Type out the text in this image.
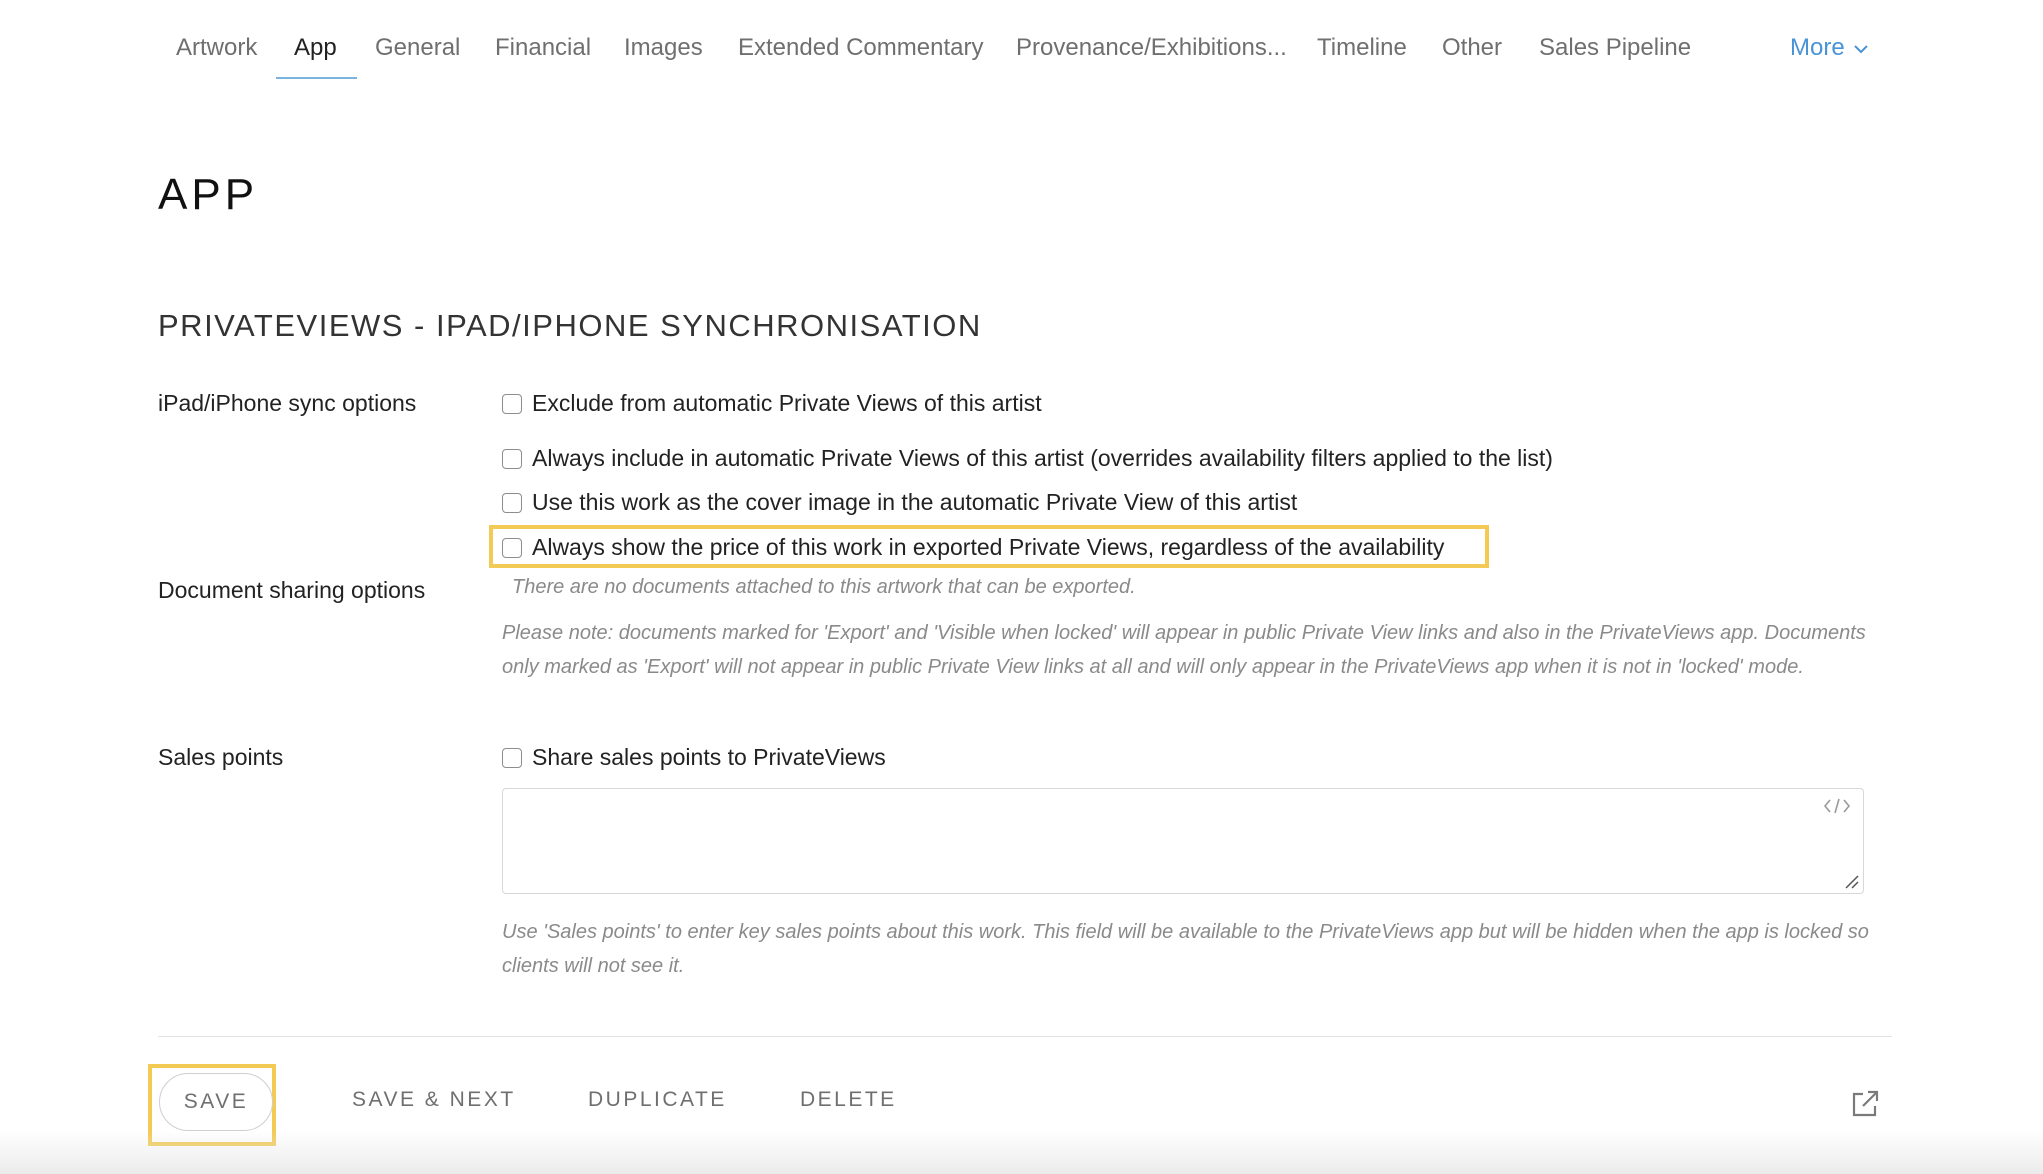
Artwork App General Financial Images Extended Commentary Provenance/Exhibitions... Timeline Other Sales Pipeline	More
APP
PRIVATEVIEWS - IPAD/IPHONE SYNCHRONISATION
iPad/iPhone sync options	Exclude from automatic Private Views of this artist
Always include in automatic Private Views of this artist (overrides availability filters applied to the list)
Use this work as the cover image in the automatic Private View of this artist
Always show the price of this work in exported Private Views, regardless of the availability
Document sharing options	There are no documents attached to this artwork that can be exported.
Please note: documents marked for 'Export' and 'Visible when locked' will appear in public Private View links and also in the PrivateViews app. Documents only marked as 'Export' will not appear in public Private View links at all and will only appear in the PrivateViews app when it is not in 'locked' mode.
Sales points	Share sales points to PrivateViews
Use 'Sales points' to enter key sales points about this work. This field will be available to the PrivateViews app but will be hidden when the app is locked so clients will not see it.
SAVE	SAVE & NEXT	DUPLICATE	DELETE
